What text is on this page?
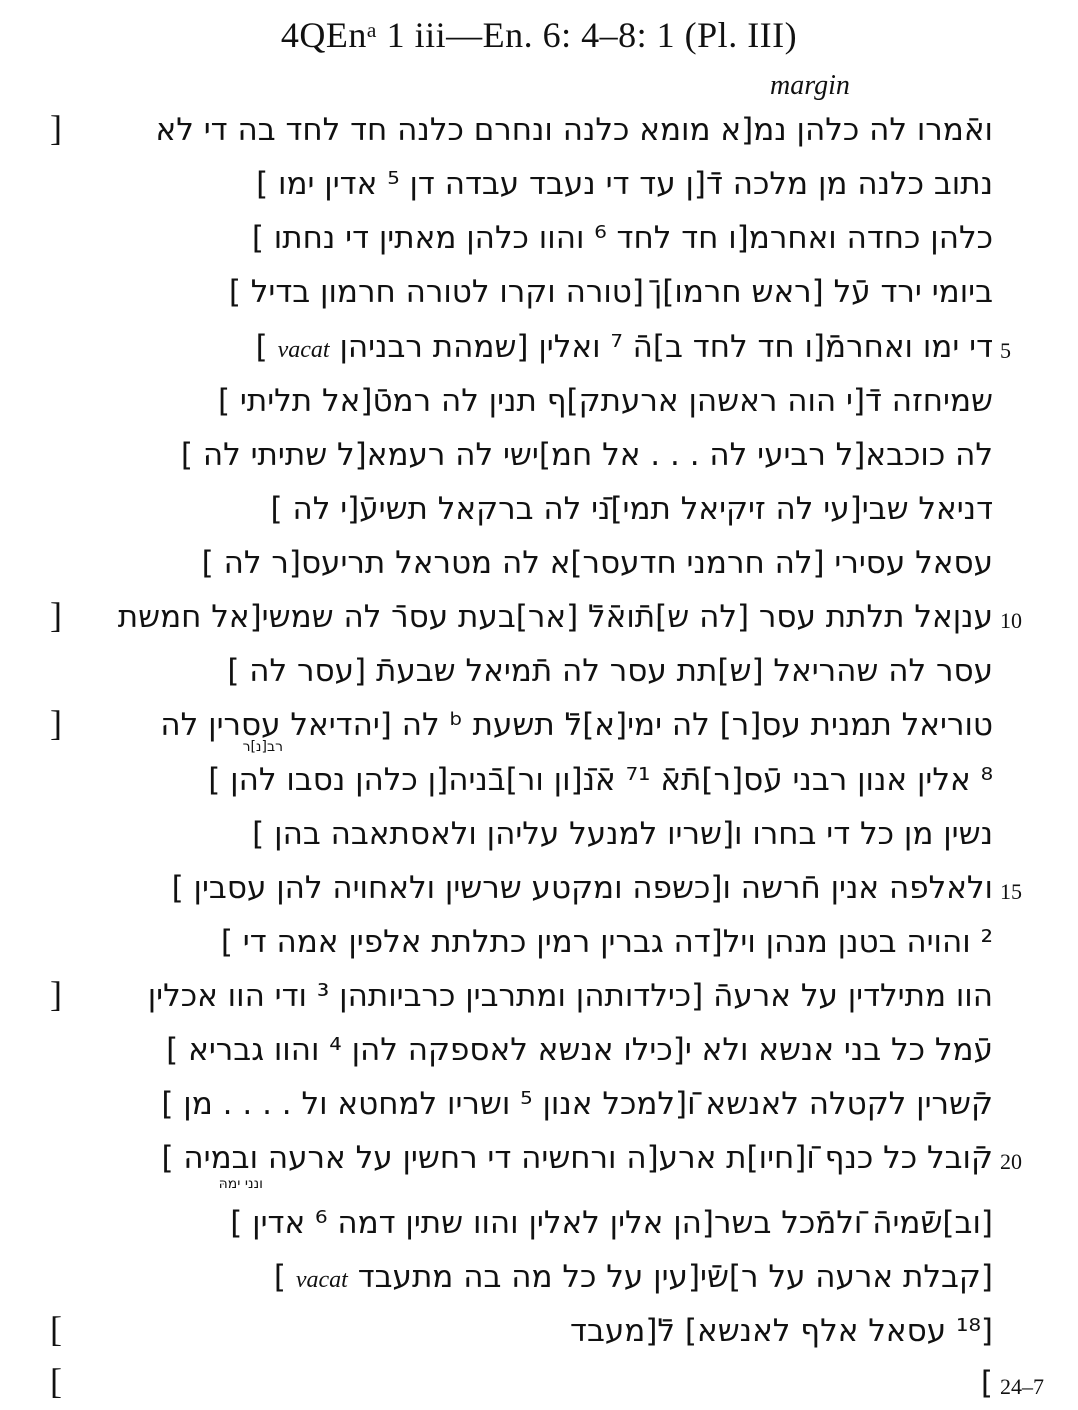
4QEnᵃ 1 iii—En. 6: 4–8: 1 (Pl. III)
margin
ואֿמרו לה כלהן נמ[א מומא כלנה ונחרם כלנה חד לחד בה די לא
]
נתוב כלנה מן מלכה דֿ[ן עד די נעבד עבדה דן ⁵ אדין ימו ]
כלהן כחדה ואחרמ[ו חד לחד ⁶ והוו כלהן מאתין די נחתו ]
ביומי ירד עֿל [ראש חרמו]ן ֿ[טורה וקרו לטורה חרמון בדיל ]
די ימו ואחרמֿ[ו חד לחד ב]הֿ ⁷ ואלין [שמהת רבניהן vacat ]	5
שמיחזה דֿ[י הוה ראשהן ארעתק]ף תנין לה רמטֿ[אל תליתי ]
לה כוכבא[ל רביעי לה . . . אל חמ]ישי לה רעמא[ל שתיתי לה ]
דניאל שבי[עי לה זיקיאל תמי]נֿי לה ברקאל תשיעֿ[י לה ]
עסאל עסירי [לה חרמני חדעסר]א לה מטראל תריעס[ר לה ]
ענןאל תלתת עסר [לה ש]תֿואֿלֿ [אר]בעת עסרֿ לה שמשי[אל חמשת
]	10
עסר לה שהריאל [ש]תת עסר לה תֿמיאל שבעתֿ [עסר לה ]
טוריאל תמנית עס[ר] לה ימי[א]לֿ תשעת ᵇ לה [יהדיאל עסרין לה
]
⁸ אלין אנון רבני עֿס[ר]תֿאֿ ⁷¹ אֿנֿ[ון ור]בֿניה[ן כלהן נסבו להן ]
נשין מן כל די בחרו ו[שריו למנעל עליהן ולאסתאבה בהן ]
ולאלפה אנין חֿרשה ו[כשפה ומקטע שרשין ולאחויה להן עסבין ] 15
² והויה בטנן מנהן ויל[דה גברין רמין כתלתת אלפין אמה די ]
הוו מתילדין על ארעהֿ [כילדותהן ומתרבין כרביותהן ³ ודי הוו אכלין
]
עֿמל כל בני אנשא ולא י[כילו אנשא לאספקה להן ⁴ והוו גבריא ]
קֿשרין לקטלה לאנשא וֿ[למכל אנון ⁵ ושריו למחטא ול . . . . מן ]
קֿובל כל כנף וֿ[חיו]ת ארע[ה ורחשיה די רחשין על ארעה ובמיה ] 20
[וב]שֿמיהֿ וֿלמֿכל בשר[הן אלין לאלין והוו שתין דמה ⁶ אדין ]
[קבלת ארעה על ר]שֿי[עין על כל מה בה מתעבד vacat ]
[¹⁸ עסאל אלף לאנשא] לֿ[מעבד
[
]
[	24–7
רב[נ]ר
ונני ימהּ
